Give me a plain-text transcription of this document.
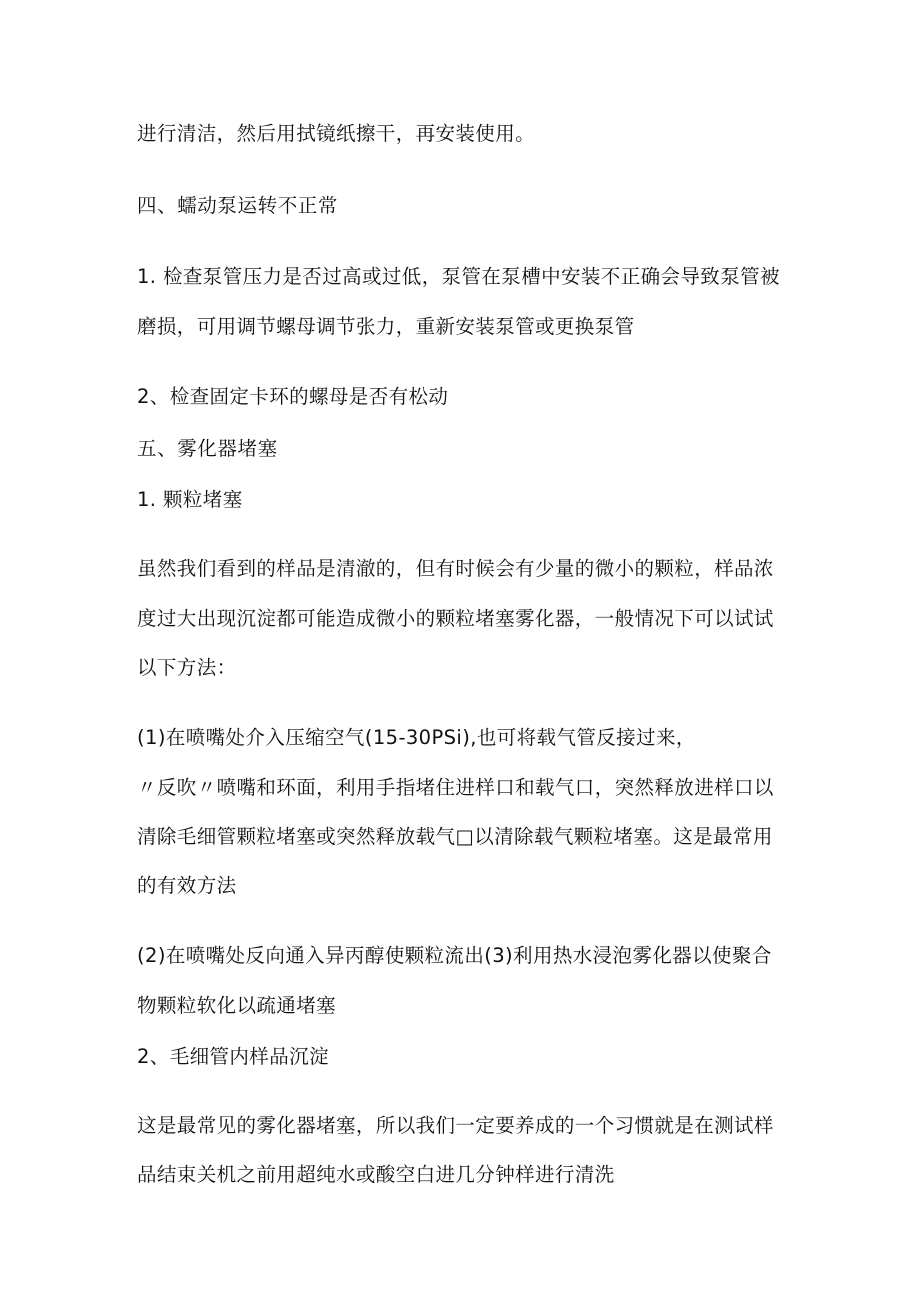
进行清洁，然后用拭镜纸擦干，再安装使用。
四、蠕动泵运转不正常
1. 检查泵管压力是否过高或过低，泵管在泵槽中安装不正确会导致泵管被
磨损，可用调节螺母调节张力，重新安装泵管或更换泵管
2、检查固定卡环的螺母是否有松动
五、雾化器堵塞
1. 颗粒堵塞
虽然我们看到的样品是清澈的，但有时候会有少量的微小的颗粒，样品浓
度过大出现沉淀都可能造成微小的颗粒堵塞雾化器，一般情况下可以试试
以下方法：
(1)在喷嘴处介入压缩空气(15-30PSi),也可将载气管反接过来，
〃反吹〃喷嘴和环面，利用手指堵住进样口和载气口，突然释放进样口以
清除毛细管颗粒堵塞或突然释放载气□以清除载气颗粒堵塞。这是最常用
的有效方法
(2)在喷嘴处反向通入异丙醇使颗粒流出(3)利用热水浸泡雾化器以使聚合
物颗粒软化以疏通堵塞
2、毛细管内样品沉淀
这是最常见的雾化器堵塞，所以我们一定要养成的一个习惯就是在测试样
品结束关机之前用超纯水或酸空白进几分钟样进行清洗
